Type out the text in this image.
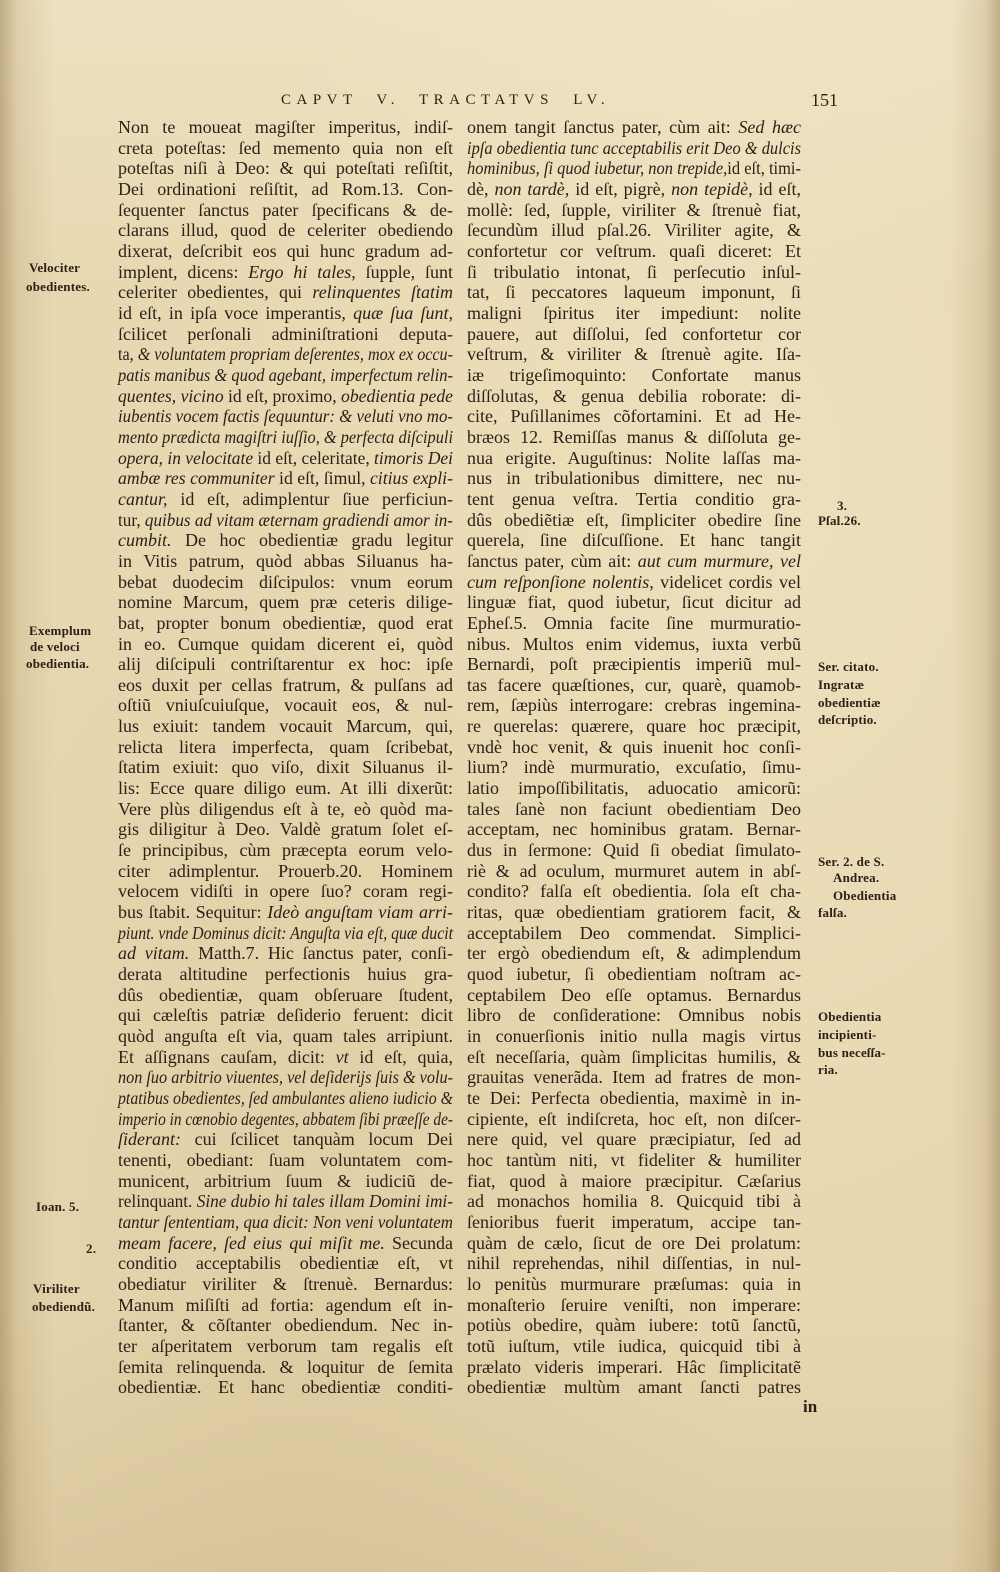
CAPVT V. TRACTATVS LV.	151
Non te moueat magiſter imperitus, indiſ-
creta poteſtas: ſed memento quia non eſt
poteſtas niſi à Deo: & qui poteſtati reſiſtit,
Dei ordinationi reſiſtit, ad Rom.13. Con-
ſequenter ſanctus pater ſpecificans & de-
clarans illud, quod de celeriter obediendo
dixerat, deſcribit eos qui hunc gradum ad-
implent, dicens: Ergo hi tales, ſupple, ſunt
celeriter obedientes, qui relinquentes ſtatim
id eſt, in ipſa voce imperantis, quæ ſua ſunt,
ſcilicet perſonali adminiſtrationi deputa-
ta, & voluntatem propriam deſerentes, mox ex occu-
patis manibus & quod agebant, imperfectum relin-
quentes, vicino id eſt, proximo, obedientia pede
iubentis vocem factis ſequuntur: & veluti vno mo-
mento prædicta magiſtri iuſſio, & perfecta diſcipuli
opera, in velocitate id eſt, celeritate, timoris Dei
ambæ res communiter id eſt, ſimul, citius expli-
cantur, id eſt, adimplentur ſiue perficiun-
tur, quibus ad vitam æternam gradiendi amor in-
cumbit. De hoc obedientiæ gradu legitur
in Vitis patrum, quòd abbas Siluanus ha-
bebat duodecim diſcipulos: vnum eorum
nomine Marcum, quem præ ceteris dilige-
bat, propter bonum obedientiæ, quod erat
in eo. Cumque quidam dicerent ei, quòd
alij diſcipuli contriſtarentur ex hoc: ipſe
eos duxit per cellas fratrum, & pulſans ad
oſtiũ vniuſcuiuſque, vocauit eos, & nul-
lus exiuit: tandem vocauit Marcum, qui,
relicta litera imperfecta, quam ſcribebat,
ſtatim exiuit: quo viſo, dixit Siluanus il-
lis: Ecce quare diligo eum. At illi dixerũt:
Vere plùs diligendus eſt à te, eò quòd ma-
gis diligitur à Deo. Valdè gratum ſolet eſ-
ſe principibus, cùm præcepta eorum velo-
citer adimplentur. Prouerb.20. Hominem
velocem vidiſti in opere ſuo? coram regi-
bus ſtabit. Sequitur: Ideò anguſtam viam arri-
piunt. vnde Dominus dicit: Anguſta via eſt, quæ ducit
ad vitam. Matth.7. Hic ſanctus pater, conſi-
derata altitudine perfectionis huius gra-
dûs obedientiæ, quam obſeruare ſtudent,
qui cæleſtis patriæ deſiderio feruent: dicit
quòd anguſta eſt via, quam tales arripiunt.
Et aſſignans cauſam, dicit: vt id eſt, quia,
non ſuo arbitrio viuentes, vel deſiderijs ſuis & volu-
ptatibus obedientes, ſed ambulantes alieno iudicio &
imperio in cœnobio degentes, abbatem ſibi præeſſe de-
ſiderant: cui ſcilicet tanquàm locum Dei
tenenti, obediant: ſuam voluntatem com-
municent, arbitrium ſuum & iudiciũ de-
relinquant. Sine dubio hi tales illam Domini imi-
tantur ſententiam, qua dicit: Non veni voluntatem
meam facere, ſed eius qui miſit me. Secunda
conditio acceptabilis obedientiæ eſt, vt
obediatur viriliter & ſtrenuè. Bernardus:
Manum miſiſti ad fortia: agendum eſt in-
ſtanter, & cõſtanter obediendum. Nec in-
ter aſperitatem verborum tam regalis eſt
ſemita relinquenda. & loquitur de ſemita
obedientiæ. Et hanc obedientiæ conditi-
onem tangit ſanctus pater, cùm ait: Sed hæc
ipſa obedientia tunc acceptabilis erit Deo & dulcis
hominibus, ſi quod iubetur, non trepide,id eſt, timi-
dè, non tardè, id eſt, pigrè, non tepidè, id eſt,
mollè: ſed, ſupple, viriliter & ſtrenuè fiat,
ſecundùm illud pſal.26. Viriliter agite, &
confortetur cor veſtrum. quaſi diceret: Et
ſi tribulatio intonat, ſi perſecutio inſul-
tat, ſi peccatores laqueum imponunt, ſi
maligni ſpiritus iter impediunt: nolite
pauere, aut diſſolui, ſed confortetur cor
veſtrum, & viriliter & ſtrenuè agite. Iſa-
iæ trigeſimoquinto: Confortate manus
diſſolutas, & genua debilia roborate: di-
cite, Puſillanimes cõfortamini. Et ad He-
bræos 12. Remiſſas manus & diſſoluta ge-
nua erigite. Auguſtinus: Nolite laſſas ma-
nus in tribulationibus dimittere, nec nu-
tent genua veſtra. Tertia conditio gra-
dûs obediẽtiæ eſt, ſimpliciter obedire ſine
querela, ſine diſcuſſione. Et hanc tangit
ſanctus pater, cùm ait: aut cum murmure, vel
cum reſponſione nolentis, videlicet cordis vel
linguæ fiat, quod iubetur, ſicut dicitur ad
Epheſ.5. Omnia facite ſine murmuratio-
nibus. Multos enim videmus, iuxta verbũ
Bernardi, poſt præcipientis imperiũ mul-
tas facere quæſtiones, cur, quarè, quamob-
rem, ſæpiùs interrogare: crebras ingemina-
re querelas: quærere, quare hoc præcipit,
vndè hoc venit, & quis inuenit hoc conſi-
lium? indè murmuratio, excuſatio, ſimu-
latio impoſſibilitatis, aduocatio amicorũ:
tales ſanè non faciunt obedientiam Deo
acceptam, nec hominibus gratam. Bernar-
dus in ſermone: Quid ſi obediat ſimulato-
riè & ad oculum, murmuret autem in abſ-
condito? falſa eſt obedientia. ſola eſt cha-
ritas, quæ obedientiam gratiorem facit, &
acceptabilem Deo commendat. Simplici-
ter ergò obediendum eſt, & adimplendum
quod iubetur, ſi obedientiam noſtram ac-
ceptabilem Deo eſſe optamus. Bernardus
libro de conſideratione: Omnibus nobis
in conuerſionis initio nulla magis virtus
eſt neceſſaria, quàm ſimplicitas humilis, &
grauitas venerãda. Item ad fratres de mon-
te Dei: Perfecta obedientia, maximè in in-
cipiente, eſt indiſcreta, hoc eſt, non diſcer-
nere quid, vel quare præcipiatur, ſed ad
hoc tantùm niti, vt fideliter & humiliter
fiat, quod à maiore præcipitur. Cæſarius
ad monachos homilia 8. Quicquid tibi à
ſenioribus fuerit imperatum, accipe tan-
quàm de cælo, ſicut de ore Dei prolatum:
nihil reprehendas, nihil diſſentias, in nul-
lo penitùs murmurare præſumas: quia in
monaſterio ſeruire veniſti, non imperare:
potiùs obedire, quàm iubere: totũ ſanctũ,
totũ iuſtum, vtile iudica, quicquid tibi à
prælato videris imperari. Hâc ſimplicitatẽ
obedientiæ multùm amant ſancti patres
Velociter
obedientes.
Exemplum
de veloci
obedientia.
Ioan. 5.
2.
Viriliter
obediendũ.
3.
Pſal.26.
Ser. citato.
Ingratæ
obedientiæ
deſcriptio.
Ser. 2. de S.
Andrea.
Obedientia
falſa.
Obedientia
incipienti-
bus neceſſa-
ria.
in
